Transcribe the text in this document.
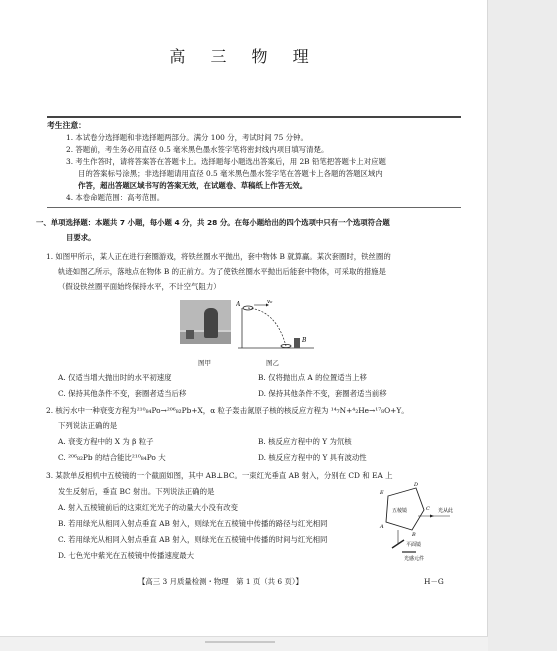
高 三 物 理
考生注意：
1. 本试卷分选择题和非选择题两部分。满分 100 分，考试时间 75 分钟。
2. 答题前，考生务必用直径 0.5 毫米黑色墨水签字笔将密封线内项目填写清楚。
3. 考生作答时，请将答案答在答题卡上。选择题每小题选出答案后，用 2B 铅笔把答题卡上对应题
目的答案标号涂黑；非选择题请用直径 0.5 毫米黑色墨水签字笔在答题卡上各题的答题区域内
作答，超出答题区域书写的答案无效，在试题卷、草稿纸上作答无效。
4. 本卷命题范围：高考范围。
一、单项选择题：本题共 7 小题，每小题 4 分，共 28 分。在每小题给出的四个选项中只有一个选项符合题
目要求。
1. 如图甲所示，某人正在进行套圈游戏，将铁丝圈水平抛出，套中物体 B 就算赢。某次套圈时，铁丝圈的
轨迹如图乙所示，落地点在物体 B 的正前方。为了使铁丝圈水平抛出后能套中物体，可采取的措施是
（假设铁丝圈平面始终保持水平，不计空气阻力）
图甲
A	v₀
B
图乙
A. 仅适当增大抛出时的水平初速度	B. 仅将抛出点 A 的位置适当上移
C. 保持其他条件不变，套圈者适当后移	D. 保持其他条件不变，套圈者适当前移
2. 核污水中一种衰变方程为²¹⁰₈₄Po→²⁰⁶₈₂Pb+X，α 粒子轰击氮原子核的核反应方程为 ¹⁴₇N+⁴₂He→¹⁷₈O+Y。
下列说法正确的是
A. 衰变方程中的 X 为 β 粒子	B. 核反应方程中的 Y 为氘核
C. ²⁰⁶₈₂Pb 的结合能比²¹⁰₈₄Po 大	D. 核反应方程中的 Y 具有波动性
3. 某款单反相机中五棱镜的一个截面如图，其中 AB⊥BC。一束红光垂直 AB 射入，分别在 CD 和 EA 上
发生反射后，垂直 BC 射出。下列说法正确的是
A. 射入五棱镜前后的这束红光光子的动量大小没有改变
B. 若用绿光从相同入射点垂直 AB 射入，则绿光在五棱镜中传播的路径与红光相同
C. 若用绿光从相同入射点垂直 AB 射入，则绿光在五棱镜中传播的时间与红光相同
D. 七色光中紫光在五棱镜中传播速度最大
D
E
C
A
B
五棱镜	光从此
平面镜
光感元件
【高三 3 月质量检测・物理　第 1 页（共 6 页）】	H－G
